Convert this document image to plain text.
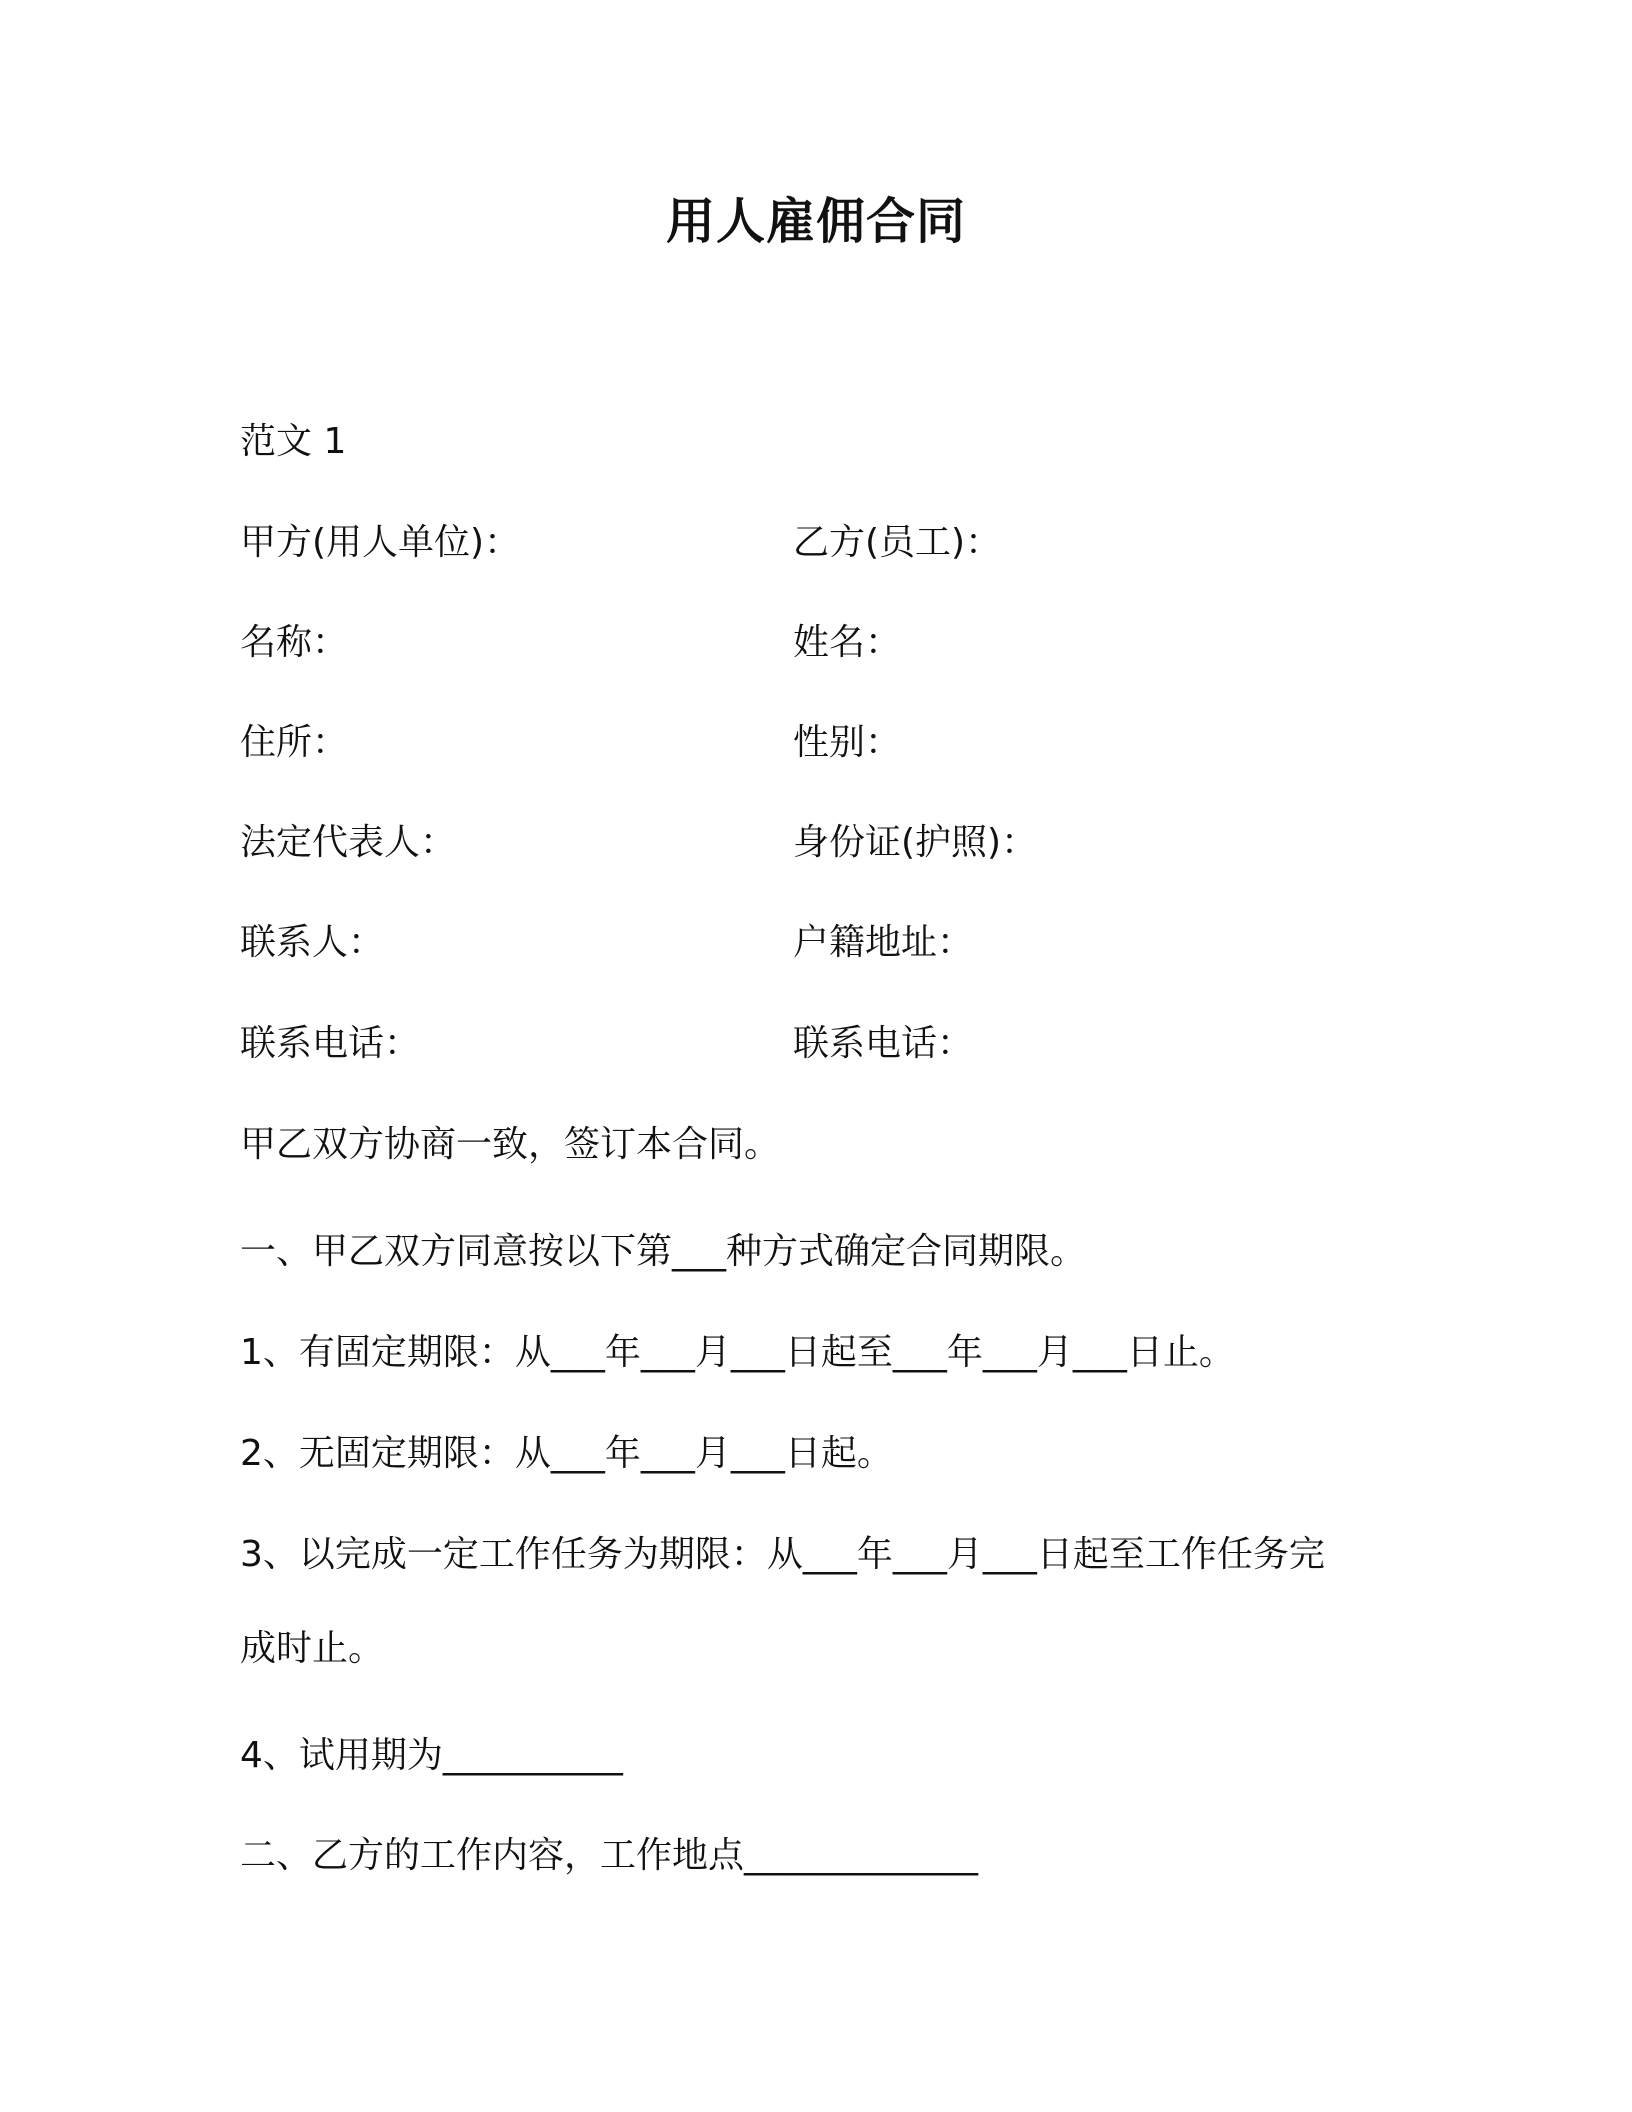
用人雇佣合同
范文 1
甲方(用人单位)：	乙方(员工)：
名称：	姓名：
住所：	性别：
法定代表人：	身份证(护照)：
联系人：	户籍地址：
联系电话：	联系电话：
甲乙双方协商一致，签订本合同。
一、甲乙双方同意按以下第___种方式确定合同期限。
1、有固定期限：从___年___月___日起至___年___月___日止。
2、无固定期限：从___年___月___日起。
3、以完成一定工作任务为期限：从___年___月___日起至工作任务完
成时止。
4、试用期为__________
二、乙方的工作内容，工作地点_____________
